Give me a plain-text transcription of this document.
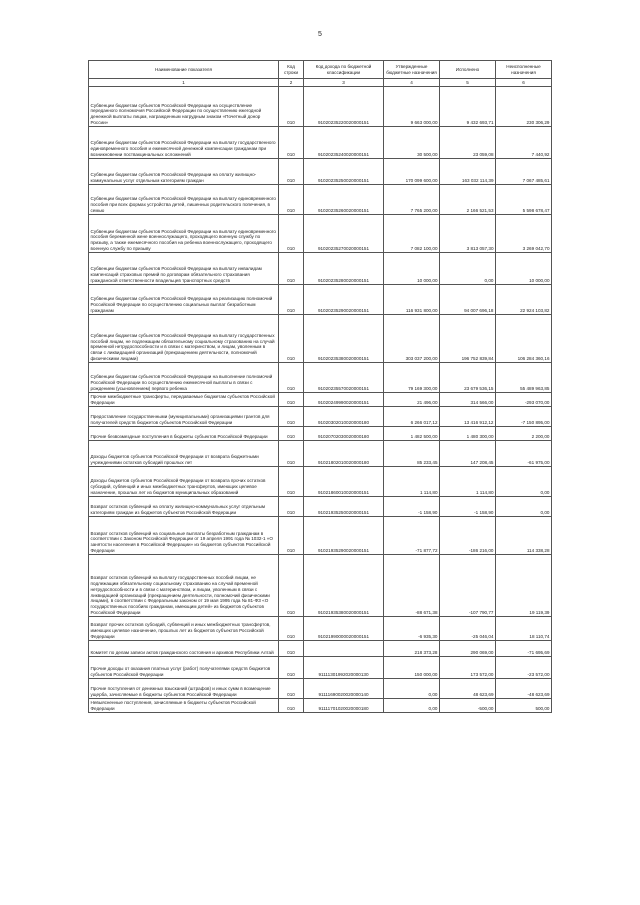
5
Наименование показателя	Код строки	Код дохода по бюджетной классификации	Утвержденные бюджетные назначения	Исполнено	Неисполненные назначения
1	2	3	4	5	6
Субвенции бюджетам субъектов Российской Федерации на осуществление переданного полномочия Российской Федерации по осуществлению ежегодной денежной выплаты лицам, награжденным нагрудным знаком «Почетный донор России»	010	91020235220020000151	9 663 000,00	9 432 693,71	230 306,29
Субвенции бюджетам субъектов Российской Федерации на выплату государственного единовременного пособия и ежемесячной денежной компенсации гражданам при возникновении поствакцинальных осложнений	010	91020235240020000151	30 500,00	23 059,08	7 440,92
Субвенции бюджетам субъектов Российской Федерации на оплату жилищно-коммунальных услуг отдельным категориям граждан	010	91020235250020000151	170 099 600,00	163 032 114,39	7 067 485,61
Субвенции бюджетам субъектов Российской Федерации на выплату единовременного пособия при всех формах устройства детей, лишенных родительского попечения, в семью	010	91020235260020000151	7 765 200,00	2 166 521,53	5 598 678,47
Субвенции бюджетам субъектов Российской Федерации на выплату единовременного пособия беременной жене военнослужащего, проходящего военную службу по призыву, а также ежемесячного пособия на ребенка военнослужащего, проходящего военную службу по призыву	010	91020235270020000151	7 082 100,00	3 813 057,30	3 269 042,70
Субвенции бюджетам субъектов Российской Федерации на выплату инвалидам компенсаций страховых премий по договорам обязательного страхования гражданской ответственности владельцев транспортных средств	010	91020235280020000151	10 000,00	0,00	10 000,00
Субвенции бюджетам субъектов Российской Федерации на реализацию полномочий Российской Федерации по осуществлению социальных выплат безработным гражданам	010	91020235290020000151	116 931 800,00	94 007 696,18	22 924 103,82
Субвенции бюджетам субъектов Российской Федерации на выплату государственных пособий лицам, не подлежащим обязательному социальному страхованию на случай временной нетрудоспособности и в связи с материнством, и лицам, уволенным в связи с ликвидацией организаций (прекращением деятельности, полномочий физическими лицами)	010	91020235380020000151	303 037 200,00	196 752 839,84	106 284 360,16
Субвенции бюджетам субъектов Российской Федерации на выполнение полномочий Российской Федерации по осуществлению ежемесячной выплаты в связи с рождением (усыновлением) первого ребенка	010	91020235570020000151	79 169 300,00	23 679 536,15	55 489 963,85
Прочие межбюджетные трансферты, передаваемые бюджетам субъектов Российской Федерации	010	91020249990020000151	21 496,00	314 566,00	-293 070,00
Предоставление государственными (муниципальными) организациями грантов для получателей средств бюджетов субъектов Российской Федерации	010	91020302010020000180	6 266 017,12	13 416 912,12	-7 150 895,00
Прочие безвозмездные поступления в бюджеты субъектов Российской Федерации	010	91020702030020000180	1 482 500,00	1 480 300,00	2 200,00
Доходы бюджетов субъектов Российской Федерации от возврата бюджетными учреждениями остатков субсидий прошлых лет	010	91021802010020000180	85 233,45	147 208,45	-61 975,00
Доходы бюджетов субъектов Российской Федерации от возврата прочих остатков субсидий, субвенций и иных межбюджетных трансфертов, имеющих целевое назначение, прошлых лет из бюджетов муниципальных образований	010	91021860010020000151	1 114,80	1 114,80	0,00
Возврат остатков субвенций на оплату жилищно-коммунальных услуг отдельным категориям граждан из бюджетов субъектов Российской Федерации	010	91021935250020000151	-1 158,90	-1 158,90	0,00
Возврат остатков субвенций на социальные выплаты безработным гражданам в соответствии с Законом Российской Федерации от 19 апреля 1991 года № 1032-1 «О занятости населения в Российской Федерации» из бюджетов субъектов Российской Федерации	010	91021935290020000151	-71 877,72	-186 216,00	114 338,28
Возврат остатков субвенций на выплату государственных пособий лицам, не подлежащим обязательному социальному страхованию на случай временной нетрудоспособности и в связи с материнством, и лицам, уволенным в связи с ликвидацией организаций (прекращением деятельности, полномочий физическими лицами), в соответствии с Федеральным законом от 19 мая 1995 года № 81-ФЗ «О государственных пособиях гражданам, имеющим детей» из бюджетов субъектов Российской Федерации	010	91021935380020000151	-88 671,38	-107 790,77	19 119,39
Возврат прочих остатков субсидий, субвенций и иных межбюджетных трансфертов, имеющих целевое назначение, прошлых лет из бюджетов субъектов Российской Федерации	010	91021990000020000151	-6 935,30	-25 046,04	18 110,74
Комитет по делам записи актов гражданского состояния и архивов Республики Алтай	010		218 373,28	290 069,00	-71 695,69
Прочие доходы от оказания платных услуг (работ) получателями средств бюджетов субъектов Российской Федерации	010	91111301992020000130	150 000,00	173 572,00	-23 572,00
Прочие поступления от денежных взысканий (штрафов) и иных сумм в возмещение ущерба, зачисляемые в бюджеты субъектов Российской Федерации	010	91111690020020000140	0,00	48 623,69	-48 623,69
Невыясненные поступления, зачисляемые в бюджеты субъектов Российской Федерации	010	91111701020020000180	0,00	-500,00	500,00
